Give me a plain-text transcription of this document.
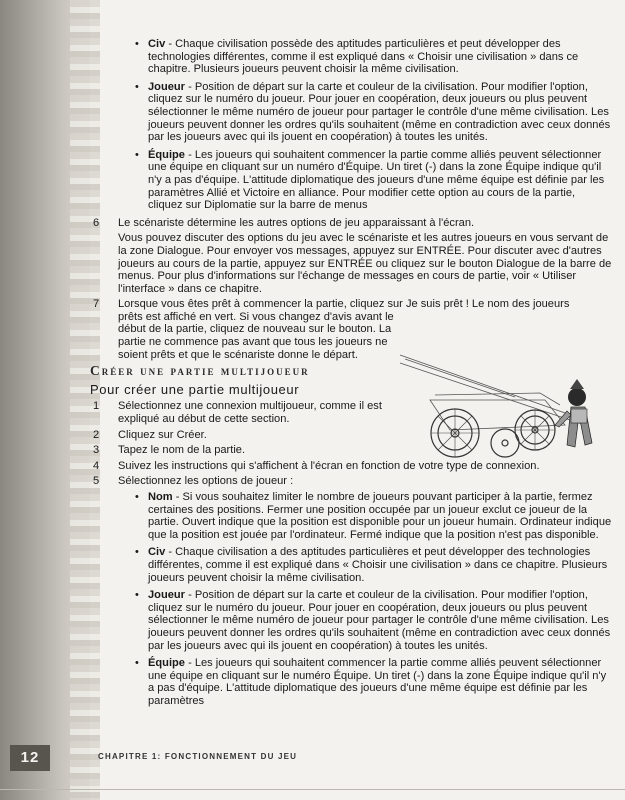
12
• Civ - Chaque civilisation possède des aptitudes particulières et peut développer des technologies différentes, comme il est expliqué dans « Choisir une civilisation » dans ce chapitre. Plusieurs joueurs peuvent choisir la même civilisation.
• Joueur - Position de départ sur la carte et couleur de la civilisation. Pour modifier l'option, cliquez sur le numéro du joueur. Pour jouer en coopération, deux joueurs ou plus peuvent sélectionner le même numéro de joueur pour partager le contrôle d'une même civilisation. Les joueurs peuvent donner les ordres qu'ils souhaitent (même en contradiction avec ceux donnés par les joueurs avec qui ils jouent en coopération) à toutes les unités.
• Équipe - Les joueurs qui souhaitent commencer la partie comme alliés peuvent sélectionner une équipe en cliquant sur un numéro d'Équipe. Un tiret (-) dans la zone Équipe indique qu'il n'y a pas d'équipe. L'attitude diplomatique des joueurs d'une même équipe est définie par les paramètres Allié et Victoire en alliance. Pour modifier cette option au cours de la partie, cliquez sur Diplomatie sur la barre de menus
6 Le scénariste détermine les autres options de jeu apparaissant à l'écran.
Vous pouvez discuter des options du jeu avec le scénariste et les autres joueurs en vous servant de la zone Dialogue. Pour envoyer vos messages, appuyez sur ENTRÉE. Pour discuter avec d'autres joueurs au cours de la partie, appuyez sur ENTRÉE ou cliquez sur le bouton Dialogue de la barre de menus. Pour plus d'informations sur l'échange de messages en cours de partie, voir « Utiliser l'interface » dans ce chapitre.
7 Lorsque vous êtes prêt à commencer la partie, cliquez sur Je suis prêt ! Le nom des joueurs

prêts est affiché en vert. Si vous changez d'avis avant le début de la partie, cliquez de nouveau sur le bouton. La partie ne commence pas avant que tous les joueurs ne soient prêts et que le scénariste donne le départ.
Créer une partie multijoueur
Pour créer une partie multijoueur
1 Sélectionnez une connexion multijoueur, comme il est expliqué au début de cette section.
2 Cliquez sur Créer.
3 Tapez le nom de la partie.
4 Suivez les instructions qui s'affichent à l'écran en fonction de votre type de connexion.
5 Sélectionnez les options de joueur :
• Nom - Si vous souhaitez limiter le nombre de joueurs pouvant participer à la partie, fermez certaines des positions. Fermer une position occupée par un joueur exclut ce joueur de la partie. Ouvert indique que la position est disponible pour un joueur humain. Ordinateur indique que la position est jouée par l'ordinateur. Fermé indique que la position n'est pas disponible.
• Civ - Chaque civilisation a des aptitudes particulières et peut développer des technologies différentes, comme il est expliqué dans « Choisir une civilisation » dans ce chapitre. Plusieurs joueurs peuvent choisir la même civilisation.
• Joueur - Position de départ sur la carte et couleur de la civilisation. Pour modifier l'option, cliquez sur le numéro du joueur. Pour jouer en coopération, deux joueurs ou plus peuvent sélectionner le même numéro de joueur pour partager le contrôle d'une même civilisation. Les joueurs peuvent donner les ordres qu'ils souhaitent (même en contradiction avec ceux donnés par les joueurs avec qui ils jouent en coopération) à toutes les unités.
• Équipe - Les joueurs qui souhaitent commencer la partie comme alliés peuvent sélectionner une équipe en cliquant sur le numéro Équipe. Un tiret (-) dans la zone Équipe indique qu'il n'y a pas d'équipe. L'attitude diplomatique des joueurs d'une même équipe est définie par les paramètres
CHAPITRE 1: FONCTIONNEMENT DU JEU
